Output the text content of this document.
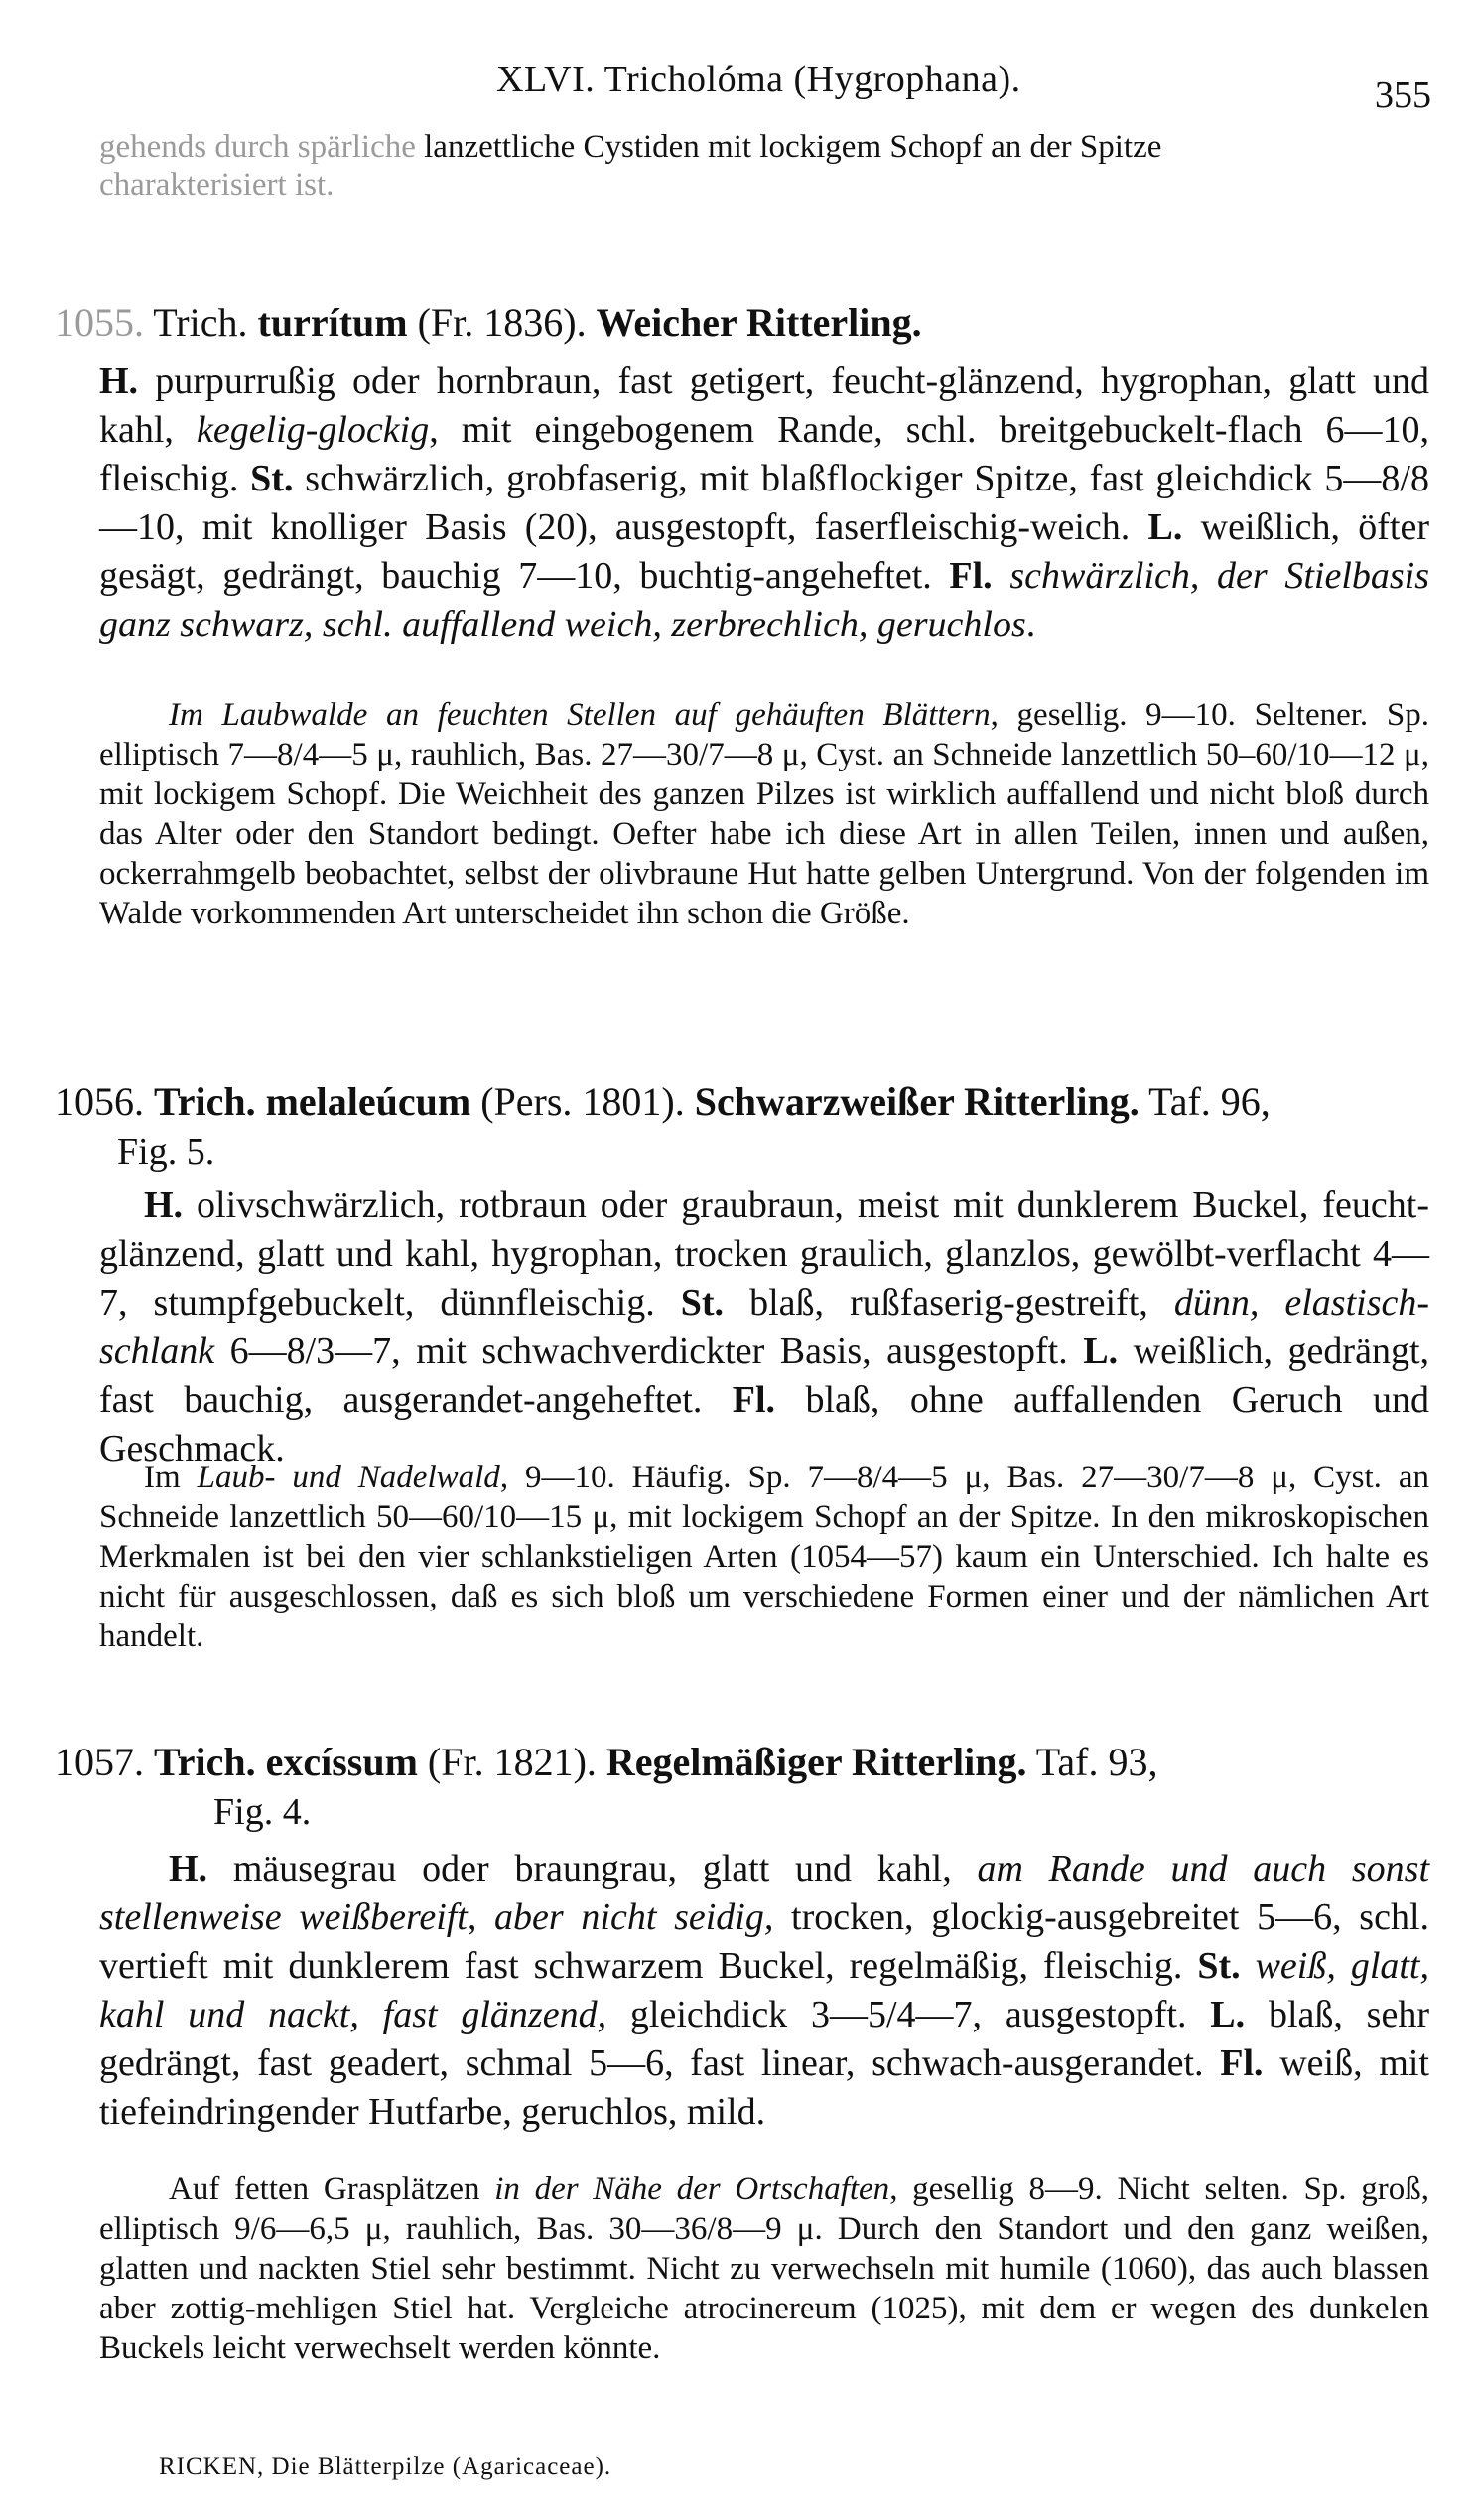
XLVI. Tricholóma (Hygrophana).	355
gehends durch spärliche lanzettliche Cystiden mit lockigem Schopf an der Spitze
charakterisiert ist.
1055. Trich. turrítum (Fr. 1836). Weicher Ritterling.

H. purpurrußig oder hornbraun, fast getigert, feucht-glänzend, hygrophan, glatt und kahl, kegelig-glockig, mit eingebogenem Rande, schl. breitgebuckelt-flach 6—10, fleischig. St. schwärzlich, grobfaserig, mit blaßflockiger Spitze, fast gleichdick 5—8/8—10, mit knolliger Basis (20), ausgestopft, faserfleischig-weich. L. weißlich, öfter gesägt, gedrängt, bauchig 7—10, buchtig-angeheftet. Fl. schwärzlich, der Stielbasis ganz schwarz, schl. auffallend weich, zerbrechlich, geruchlos.

Im Laubwalde an feuchten Stellen auf gehäuften Blättern, gesellig. 9—10. Seltener. Sp. elliptisch 7—8/4—5 μ, rauhlich, Bas. 27—30/7—8 μ, Cyst. an Schneide lanzettlich 50–60/10—12 μ, mit lockigem Schopf. Die Weichheit des ganzen Pilzes ist wirklich auffallend und nicht bloß durch das Alter oder den Standort bedingt. Oefter habe ich diese Art in allen Teilen, innen und außen, ockerrahmgelb beobachtet, selbst der olivbraune Hut hatte gelben Untergrund. Von der folgenden im Walde vorkommenden Art unterscheidet ihn schon die Größe.

1056. Trich. melaleúcum (Pers. 1801). Schwarzweißer Ritterling. Taf. 96,
Fig. 5.

H. olivschwärzlich, rotbraun oder graubraun, meist mit dunklerem Buckel, feucht-glänzend, glatt und kahl, hygrophan, trocken graulich, glanzlos, gewölbt-verflacht 4—7, stumpfgebuckelt, dünnfleischig. St. blaß, rußfaserig-gestreift, dünn, elastisch-schlank 6—8/3—7, mit schwachverdickter Basis, ausgestopft. L. weißlich, gedrängt, fast bauchig, ausgerandet-angeheftet. Fl. blaß, ohne auffallenden Geruch und Geschmack.

Im Laub- und Nadelwald, 9—10. Häufig. Sp. 7—8/4—5 μ, Bas. 27—30/7—8 μ, Cyst. an Schneide lanzettlich 50—60/10—15 μ, mit lockigem Schopf an der Spitze. In den mikroskopischen Merkmalen ist bei den vier schlankstieligen Arten (1054—57) kaum ein Unterschied. Ich halte es nicht für ausgeschlossen, daß es sich bloß um verschiedene Formen einer und der nämlichen Art handelt.

1057. Trich. excíssum (Fr. 1821). Regelmäßiger Ritterling. Taf. 93,
Fig. 4.

H. mäusegrau oder braungrau, glatt und kahl, am Rande und auch sonst stellenweise weißbereift, aber nicht seidig, trocken, glockig-ausgebreitet 5—6, schl. vertieft mit dunklerem fast schwarzem Buckel, regelmäßig, fleischig. St. weiß, glatt, kahl und nackt, fast glänzend, gleichdick 3—5/4—7, ausgestopft. L. blaß, sehr gedrängt, fast geadert, schmal 5—6, fast linear, schwach-ausgerandet. Fl. weiß, mit tiefeindringender Hutfarbe, geruchlos, mild.

Auf fetten Grasplätzen in der Nähe der Ortschaften, gesellig 8—9. Nicht selten. Sp. groß, elliptisch 9/6—6,5 μ, rauhlich, Bas. 30—36/8—9 μ. Durch den Standort und den ganz weißen, glatten und nackten Stiel sehr bestimmt. Nicht zu verwechseln mit humile (1060), das auch blassen aber zottig-mehligen Stiel hat. Vergleiche atrocinereum (1025), mit dem er wegen des dunkelen Buckels leicht verwechselt werden könnte.

RICKEN, Die Blätterpilze (Agaricaceae).
